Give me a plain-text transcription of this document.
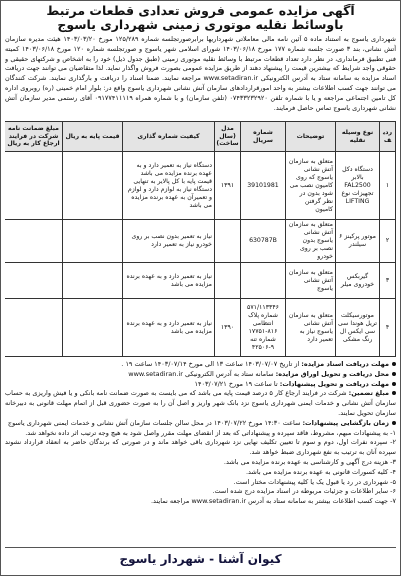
آگهی مزایده عمومی فروش تعدادی قطعات مرتبط
باوسائط نقلیه موتوری زمینی شهرداری یاسوج
شهرداری یاسوج به استناد ماده ۵ آئین نامه مالی معاملاتی شهرداریها برابرصورتجلسه شماره ۱۲۵/۲۸۹ مورخ ۱۴۰۳/۰۳/۲۰ هیئت مدیره سازمان آتش نشانی، بند ۳ صورت جلسه شماره ۱۷۷ مورخ ۱۴۰۳/۰۶/۱۸ شورای اسلامی شهر یاسوج و صورتجلسه شماره ۱۲۰ مورخ ۱۴۰۳/۰۶/۱۸ کمیته فنی تطبیق فرمانداری، در نظر دارد تعداد قطعات مرتبط با وسائط نقلیه موتوری زمینی (طبق جدول ذیل) خود را به اشخاص و شرکتهای حقیقی و حقوقی واجد شرایط که بیشترین قیمت را پیشنهاد دهند از طریق مزایده عمومی بصورت فروش واگذار نماید. لذا متقاضیان می توانند جهت دریافت اسناد مزایده به سامانه ستاد به آدرس الکترونیکی www.setadiran.ir مراجعه نمایند. ضمنا اسناد را دریافت و بارگذاری نمایند. شرکت کنندگان می توانند جهت کسب اطلاعات بیشتر به واحد امورقراردادهای سازمان آتش نشانی شهرداری یاسوج واقع در: بلوار امام خمینی (ره) روبروی اداره کل تامین اجتماعی مراجعه و یا با شماره تلفن ۰۷۴۳۳۲۳۲۹۲۰ (تلفن سازمان) و با شماره همراه ۰۹۱۷۷۴۱۱۱۱۹ آقای رستمی مدیر سازمان آتش نشانی شهرداری یاسوج تماس حاصل فرمایند.
ردیف	نوع وسیله نقلیه	توضیحات	شماره سریال	مدل (سال ساخت)	کیفیت شماره گذاری	قیمت پایه به ریال	مبلغ ضمانت نامه شرکت در فرایند ارجاع کار به ریال
۱	دستگاه دکل بالابر FAL2500 تجهیزات نوع LIFTING	متعلق به سازمان آتش نشانی یاسوج که روی کامیون نصب می شود بدون در نظر گرفتن کامیون	39101981	۱۳۹۱	دستگاه نیاز به تعمیر دارد و به عهده برنده مزایده می باشد قیمت پایه با کل پالایر به تنهایی دستگاه نیاز به لوازم دارد و لوازم و تعمیرآن به عهده برنده مزایده می باشد		
۲	موتور پرکینز ۶ سیلندر	متعلق به سازمان آتش نشانی یاسوج بدون نصب بر روی خودرو	630787B		نیاز به تعمیر بدون نصب بر روی خودرو نیاز به تعمیر دارد		
۳	گیربکس خودروی میلر	متعلق به سازمان آتش نشانی یاسوج			نیاز به تعمیر دارد و به عهده برنده مزایده می باشد		
۴	موتورسیکلت تریل هوندا سی سی ایکس ال رنگ مشکی	متعلق به سازمان آتش نشانی یاسوج نیاز به تعمیر دارد	۵۷۱/۱۱۳۳۴۶ شماره پلاک انتظامی ۸۱۶-۱۷۷۵۱ شماره تنه ۹-۴۲۵۰۶	۱۳۹۰	نیاز به تعمیر دارد و به عهده برنده مزایده می باشد		
مهلت دریافت اسناد مزایده:از تاریخ ۱۴۰۳/۰۷/۰۷ ساعت ۱۳ الی مورخ ۱۴۰۳/۰۷/۱۴ ساعت ۱۹ .
محل دریافت و تحویل اوراق مزایده:سامانه ستاد به آدرس الکترونیکی www.setadiran.ir
مهلت دریافت و تحویل پیشنهادات:تا ساعت ۱۹ مورخ ۱۴۰۳/۰۷/۲۱
مبلغ تضمین:شرکت در فرایند ارجاع کار ۵ درصد قیمت پایه می باشد که می بایست به صورت ضمانت نامه بانکی و یا فیش واریزی به حساب سازمان آتش نشانی و خدمات ایمنی شهرداری یاسوج نزد بانک شهر واریز و اصل آن را به صورت حضوری قبل از اتمام مهلت قانونی به دبیرخانه سازمان تحویل نمایند.
زمان بازگشایی پیشنهادات:ساعت ۱۴:۳۰ مورخ ۱۴۰۳/۰۷/۲۲ در محل سالن جلسات سازمان آتش نشانی و خدمات ایمنی شهرداری یاسوج
۱- به پیشنهادات مبهم، مشروط، فاقد سپرده و پیشنهاداتی که بعد از انقضای مهلت مقرر واصل شود به هیچ وجه ترتیب اثر داده نخواهد شد.
۲- سپرده نفرات اول، دوم و سوم تا تعیین تکلیف نهایی نزد شهرداری باقی خواهد ماند و در صورتی که برندگان حاضر به انعقاد قرارداد نشوند سپرده آنان به ترتیب به نفع شهرداری ضبط خواهد شد.
۳- هزینه درج آگهی و کارشناسی به عهده برنده مزایده می باشد.
۴- کلیه کسورات قانونی به عهده برنده مزایده می باشد.
۵- شهرداری در رد یا قبول یک یا کلیه پیشنهادات مختار است.
۶- سایر اطلاعات و جزئیات مربوطه در اسناد مزایده درج شده است.
۷- جهت کسب اطلاعات بیشتر به سامانه ستاد به آدرس www.setadiran.ir مراجعه نمایند.
کیوان آشنا - شهردار یاسوج
